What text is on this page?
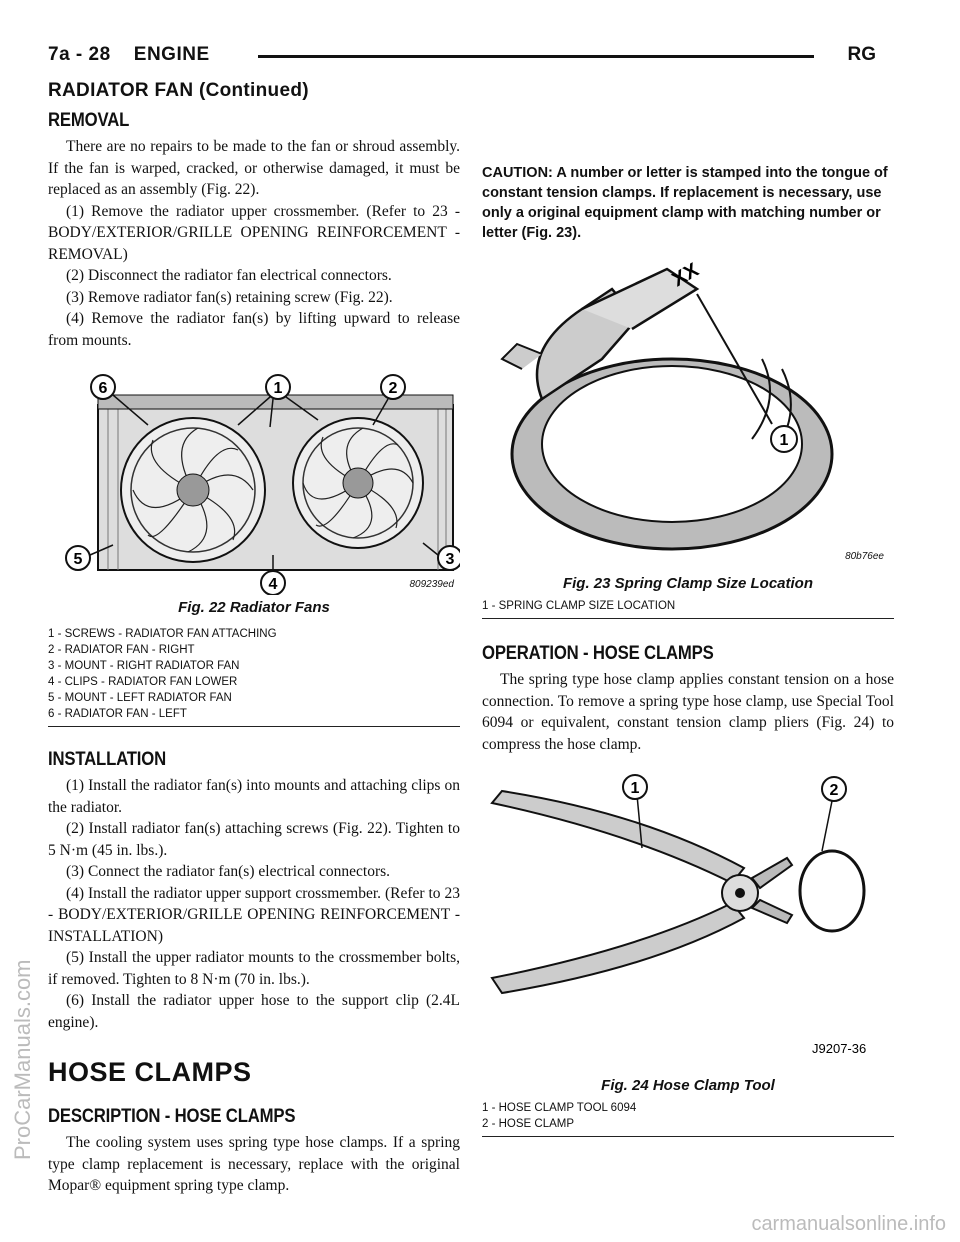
7a - 28 ENGINE	RG
RADIATOR FAN (Continued)
REMOVAL

There are no repairs to be made to the fan or shroud assembly. If the fan is warped, cracked, or otherwise damaged, it must be replaced as an assembly (Fig. 22).

(1) Remove the radiator upper crossmember. (Refer to 23 - BODY/EXTERIOR/GRILLE OPENING REINFORCEMENT - REMOVAL)

(2) Disconnect the radiator fan electrical connectors.

(3) Remove radiator fan(s) retaining screw (Fig. 22).

(4) Remove the radiator fan(s) by lifting upward to release from mounts.

6	1	2
5
4
3
809239ed
Fig. 22 Radiator Fans
1 - SCREWS - RADIATOR FAN ATTACHING
2 - RADIATOR FAN - RIGHT
3 - MOUNT - RIGHT RADIATOR FAN
4 - CLIPS - RADIATOR FAN LOWER
5 - MOUNT - LEFT RADIATOR FAN
6 - RADIATOR FAN - LEFT
INSTALLATION

(1) Install the radiator fan(s) into mounts and attaching clips on the radiator.

(2) Install radiator fan(s) attaching screws (Fig. 22). Tighten to 5 N·m (45 in. lbs.).

(3) Connect the radiator fan(s) electrical connectors.

(4) Install the radiator upper support crossmember. (Refer to 23 - BODY/EXTERIOR/GRILLE OPENING REINFORCEMENT - INSTALLATION)

(5) Install the upper radiator mounts to the crossmember bolts, if removed. Tighten to 8 N·m (70 in. lbs.).

(6) Install the radiator upper hose to the support clip (2.4L engine).

HOSE CLAMPS
DESCRIPTION - HOSE CLAMPS

The cooling system uses spring type hose clamps. If a spring type clamp replacement is necessary, replace with the original Mopar® equipment spring type clamp.

CAUTION: A number or letter is stamped into the tongue of constant tension clamps. If replacement is necessary, use only a original equipment clamp with matching number or letter (Fig. 23).

XX
1
80b76ee
Fig. 23 Spring Clamp Size Location
1 - SPRING CLAMP SIZE LOCATION
OPERATION - HOSE CLAMPS

The spring type hose clamp applies constant tension on a hose connection. To remove a spring type hose clamp, use Special Tool 6094 or equivalent, constant tension clamp pliers (Fig. 24) to compress the hose clamp.

1	2
J9207-36
Fig. 24 Hose Clamp Tool
1 - HOSE CLAMP TOOL 6094
2 - HOSE CLAMP

ProCarManuals.com
carmanualsonline.info
